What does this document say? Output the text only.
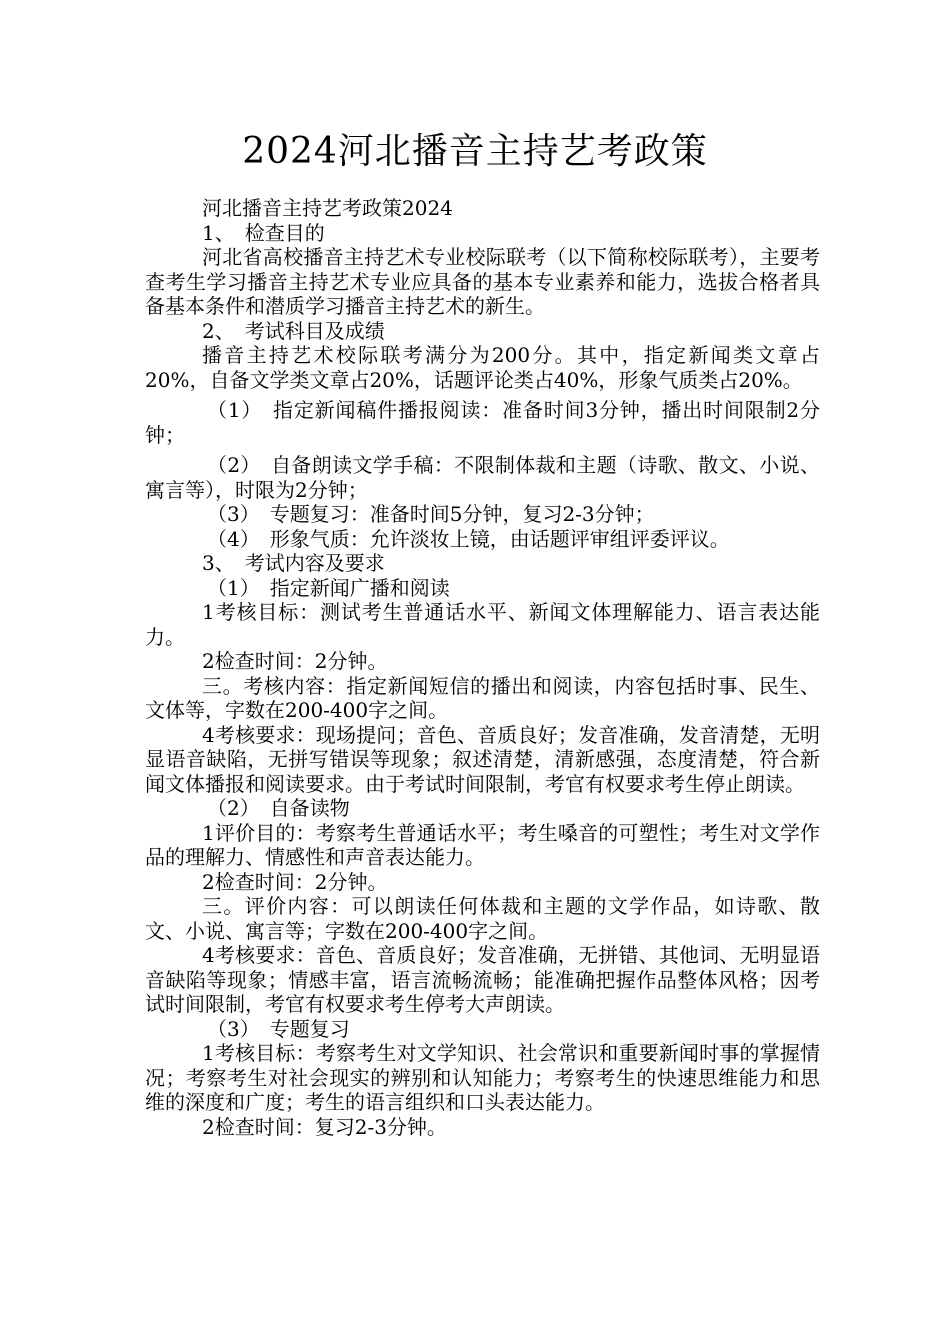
2024河北播音主持艺考政策

河北播音主持艺考政策2024

1、　检查目的

河北省高校播音主持艺术专业校际联考（以下简称校际联考），主要考查考生学习播音主持艺术专业应具备的基本专业素养和能力，选拔合格者具备基本条件和潜质学习播音主持艺术的新生。

2、　考试科目及成绩

播音主持艺术校际联考满分为200分。其中，指定新闻类文章占20%，自备文学类文章占20%，话题评论类占40%，形象气质类占20%。

（1）　指定新闻稿件播报阅读：准备时间3分钟，播出时间限制2分钟；

（2）　自备朗读文学手稿：不限制体裁和主题（诗歌、散文、小说、寓言等），时限为2分钟；

（3）　专题复习：准备时间5分钟，复习2-3分钟；

（4）　形象气质：允许淡妆上镜，由话题评审组评委评议。

3、　考试内容及要求

（1）　指定新闻广播和阅读

1考核目标：测试考生普通话水平、新闻文体理解能力、语言表达能力。

2检查时间：2分钟。

三。考核内容：指定新闻短信的播出和阅读，内容包括时事、民生、文体等，字数在200-400字之间。

4考核要求：现场提问；音色、音质良好；发音准确，发音清楚，无明显语音缺陷，无拼写错误等现象；叙述清楚，清新感强，态度清楚，符合新闻文体播报和阅读要求。由于考试时间限制，考官有权要求考生停止朗读。

（2）　自备读物

1评价目的：考察考生普通话水平；考生嗓音的可塑性；考生对文学作品的理解力、情感性和声音表达能力。

2检查时间：2分钟。

三。评价内容：可以朗读任何体裁和主题的文学作品，如诗歌、散文、小说、寓言等；字数在200-400字之间。

4考核要求：音色、音质良好；发音准确，无拼错、其他词、无明显语音缺陷等现象；情感丰富，语言流畅流畅；能准确把握作品整体风格；因考试时间限制，考官有权要求考生停考大声朗读。

（3）　专题复习

1考核目标：考察考生对文学知识、社会常识和重要新闻时事的掌握情况；考察考生对社会现实的辨别和认知能力；考察考生的快速思维能力和思维的深度和广度；考生的语言组织和口头表达能力。

2检查时间：复习2-3分钟。
